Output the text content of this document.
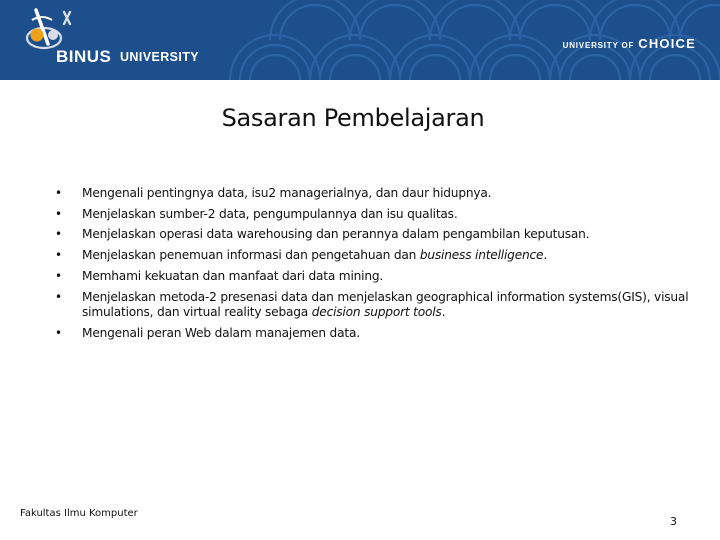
BINUS UNIVERSITY
UNIVERSITY OF CHOICE
Sasaran Pembelajaran
• Mengenali pentingnya data, isu2 managerialnya, dan daur hidupnya.
• Menjelaskan sumber-2 data, pengumpulannya dan isu qualitas.
• Menjelaskan operasi data warehousing dan perannya dalam pengambilan keputusan.
• Menjelaskan penemuan informasi dan pengetahuan dan business intelligence.
• Memhami kekuatan dan manfaat dari data mining.
• Menjelaskan metoda-2 presenasi data dan menjelaskan geographical information systems(GIS), visual simulations, dan virtual reality sebaga decision support tools.
• Mengenali peran Web dalam manajemen data.
Fakultas Ilmu Komputer
3
